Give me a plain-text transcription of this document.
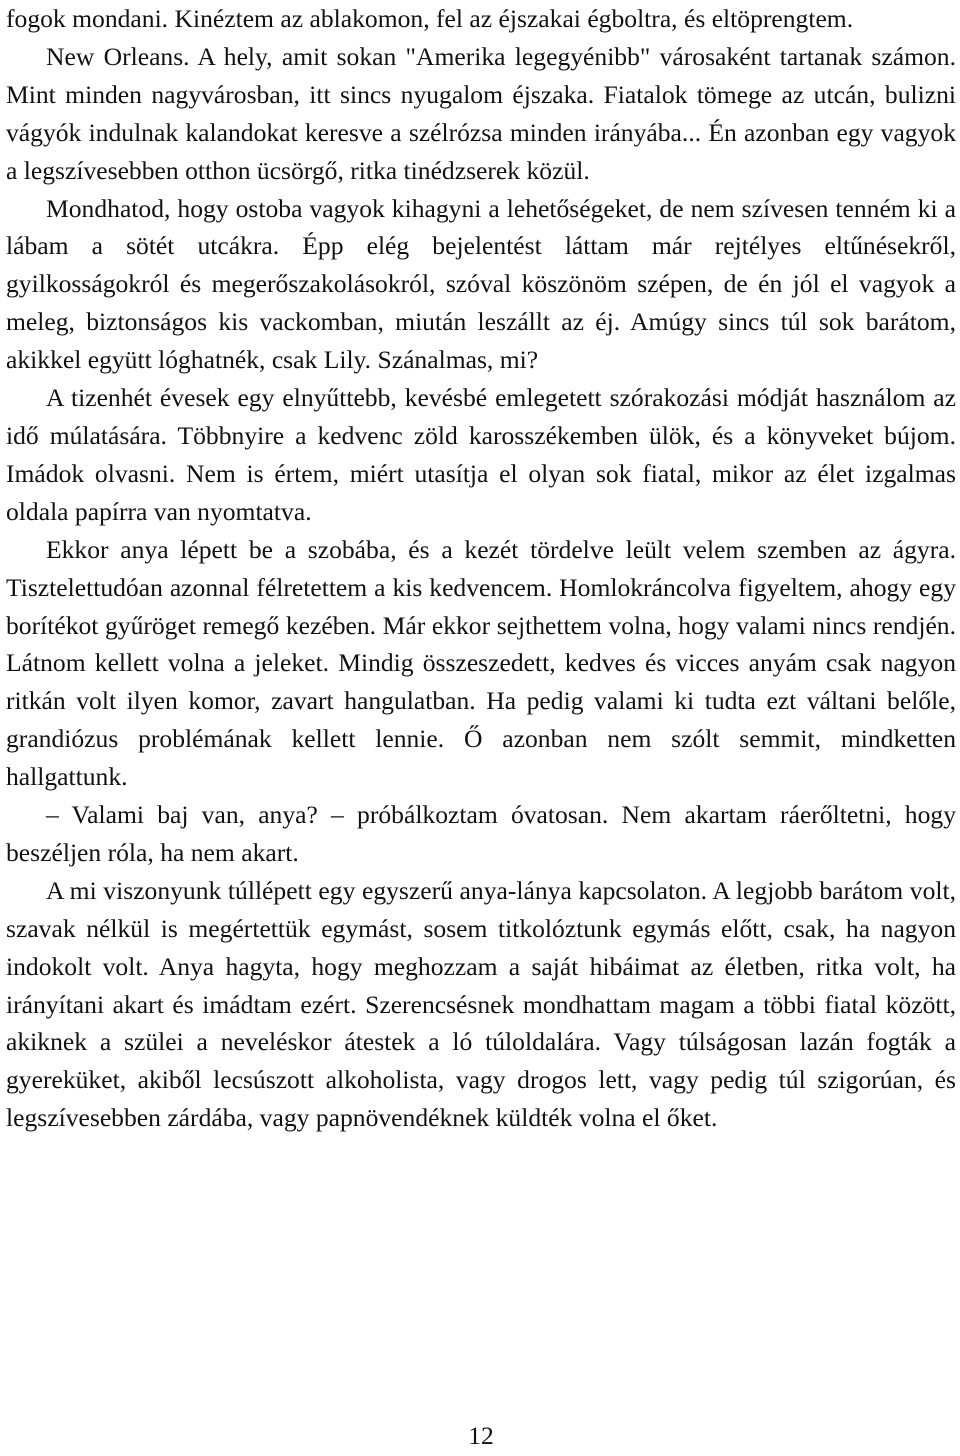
fogok mondani. Kinéztem az ablakomon, fel az éjszakai égboltra, és eltöprengtem.

New Orleans. A hely, amit sokan "Amerika legegyénibb" városaként tartanak számon. Mint minden nagyvárosban, itt sincs nyugalom éjszaka. Fiatalok tömege az utcán, bulizni vágyók indulnak kalandokat keresve a szélrózsa minden irányába... Én azonban egy vagyok a legszívesebben otthon ücsörgő, ritka tinédzserek közül.

Mondhatod, hogy ostoba vagyok kihagyni a lehetőségeket, de nem szívesen tenném ki a lábam a sötét utcákra. Épp elég bejelentést láttam már rejtélyes eltűnésekről, gyilkosságokról és megerőszakolásokról, szóval köszönöm szépen, de én jól el vagyok a meleg, biztonságos kis vackomban, miután leszállt az éj. Amúgy sincs túl sok barátom, akikkel együtt lóghatnék, csak Lily. Szánalmas, mi?

A tizenhét évesek egy elnyűttebb, kevésbé emlegetett szórakozási módját használom az idő múlatására. Többnyire a kedvenc zöld karosszékemben ülök, és a könyveket bújom. Imádok olvasni. Nem is értem, miért utasítja el olyan sok fiatal, mikor az élet izgalmas oldala papírra van nyomtatva.

Ekkor anya lépett be a szobába, és a kezét tördelve leült velem szemben az ágyra. Tisztelettudóan azonnal félretettem a kis kedvencem. Homlokráncolva figyeltem, ahogy egy borítékot gyűröget remegő kezében. Már ekkor sejthettem volna, hogy valami nincs rendjén. Látnom kellett volna a jeleket. Mindig összeszedett, kedves és vicces anyám csak nagyon ritkán volt ilyen komor, zavart hangulatban. Ha pedig valami ki tudta ezt váltani belőle, grandiózus problémának kellett lennie. Ő azonban nem szólt semmit, mindketten hallgattunk.

– Valami baj van, anya? – próbálkoztam óvatosan. Nem akartam ráerőltetni, hogy beszéljen róla, ha nem akart.

A mi viszonyunk túllépett egy egyszerű anya-lánya kapcsolaton. A legjobb barátom volt, szavak nélkül is megértettük egymást, sosem titkolóztunk egymás előtt, csak, ha nagyon indokolt volt. Anya hagyta, hogy meghozzam a saját hibáimat az életben, ritka volt, ha irányítani akart és imádtam ezért. Szerencsésnek mondhattam magam a többi fiatal között, akiknek a szülei a neveléskor átestek a ló túloldalára. Vagy túlságosan lazán fogták a gyereküket, akiből lecsúszott alkoholista, vagy drogos lett, vagy pedig túl szigorúan, és legszívesebben zárdába, vagy papnövendéknek küldték volna el őket.

12
